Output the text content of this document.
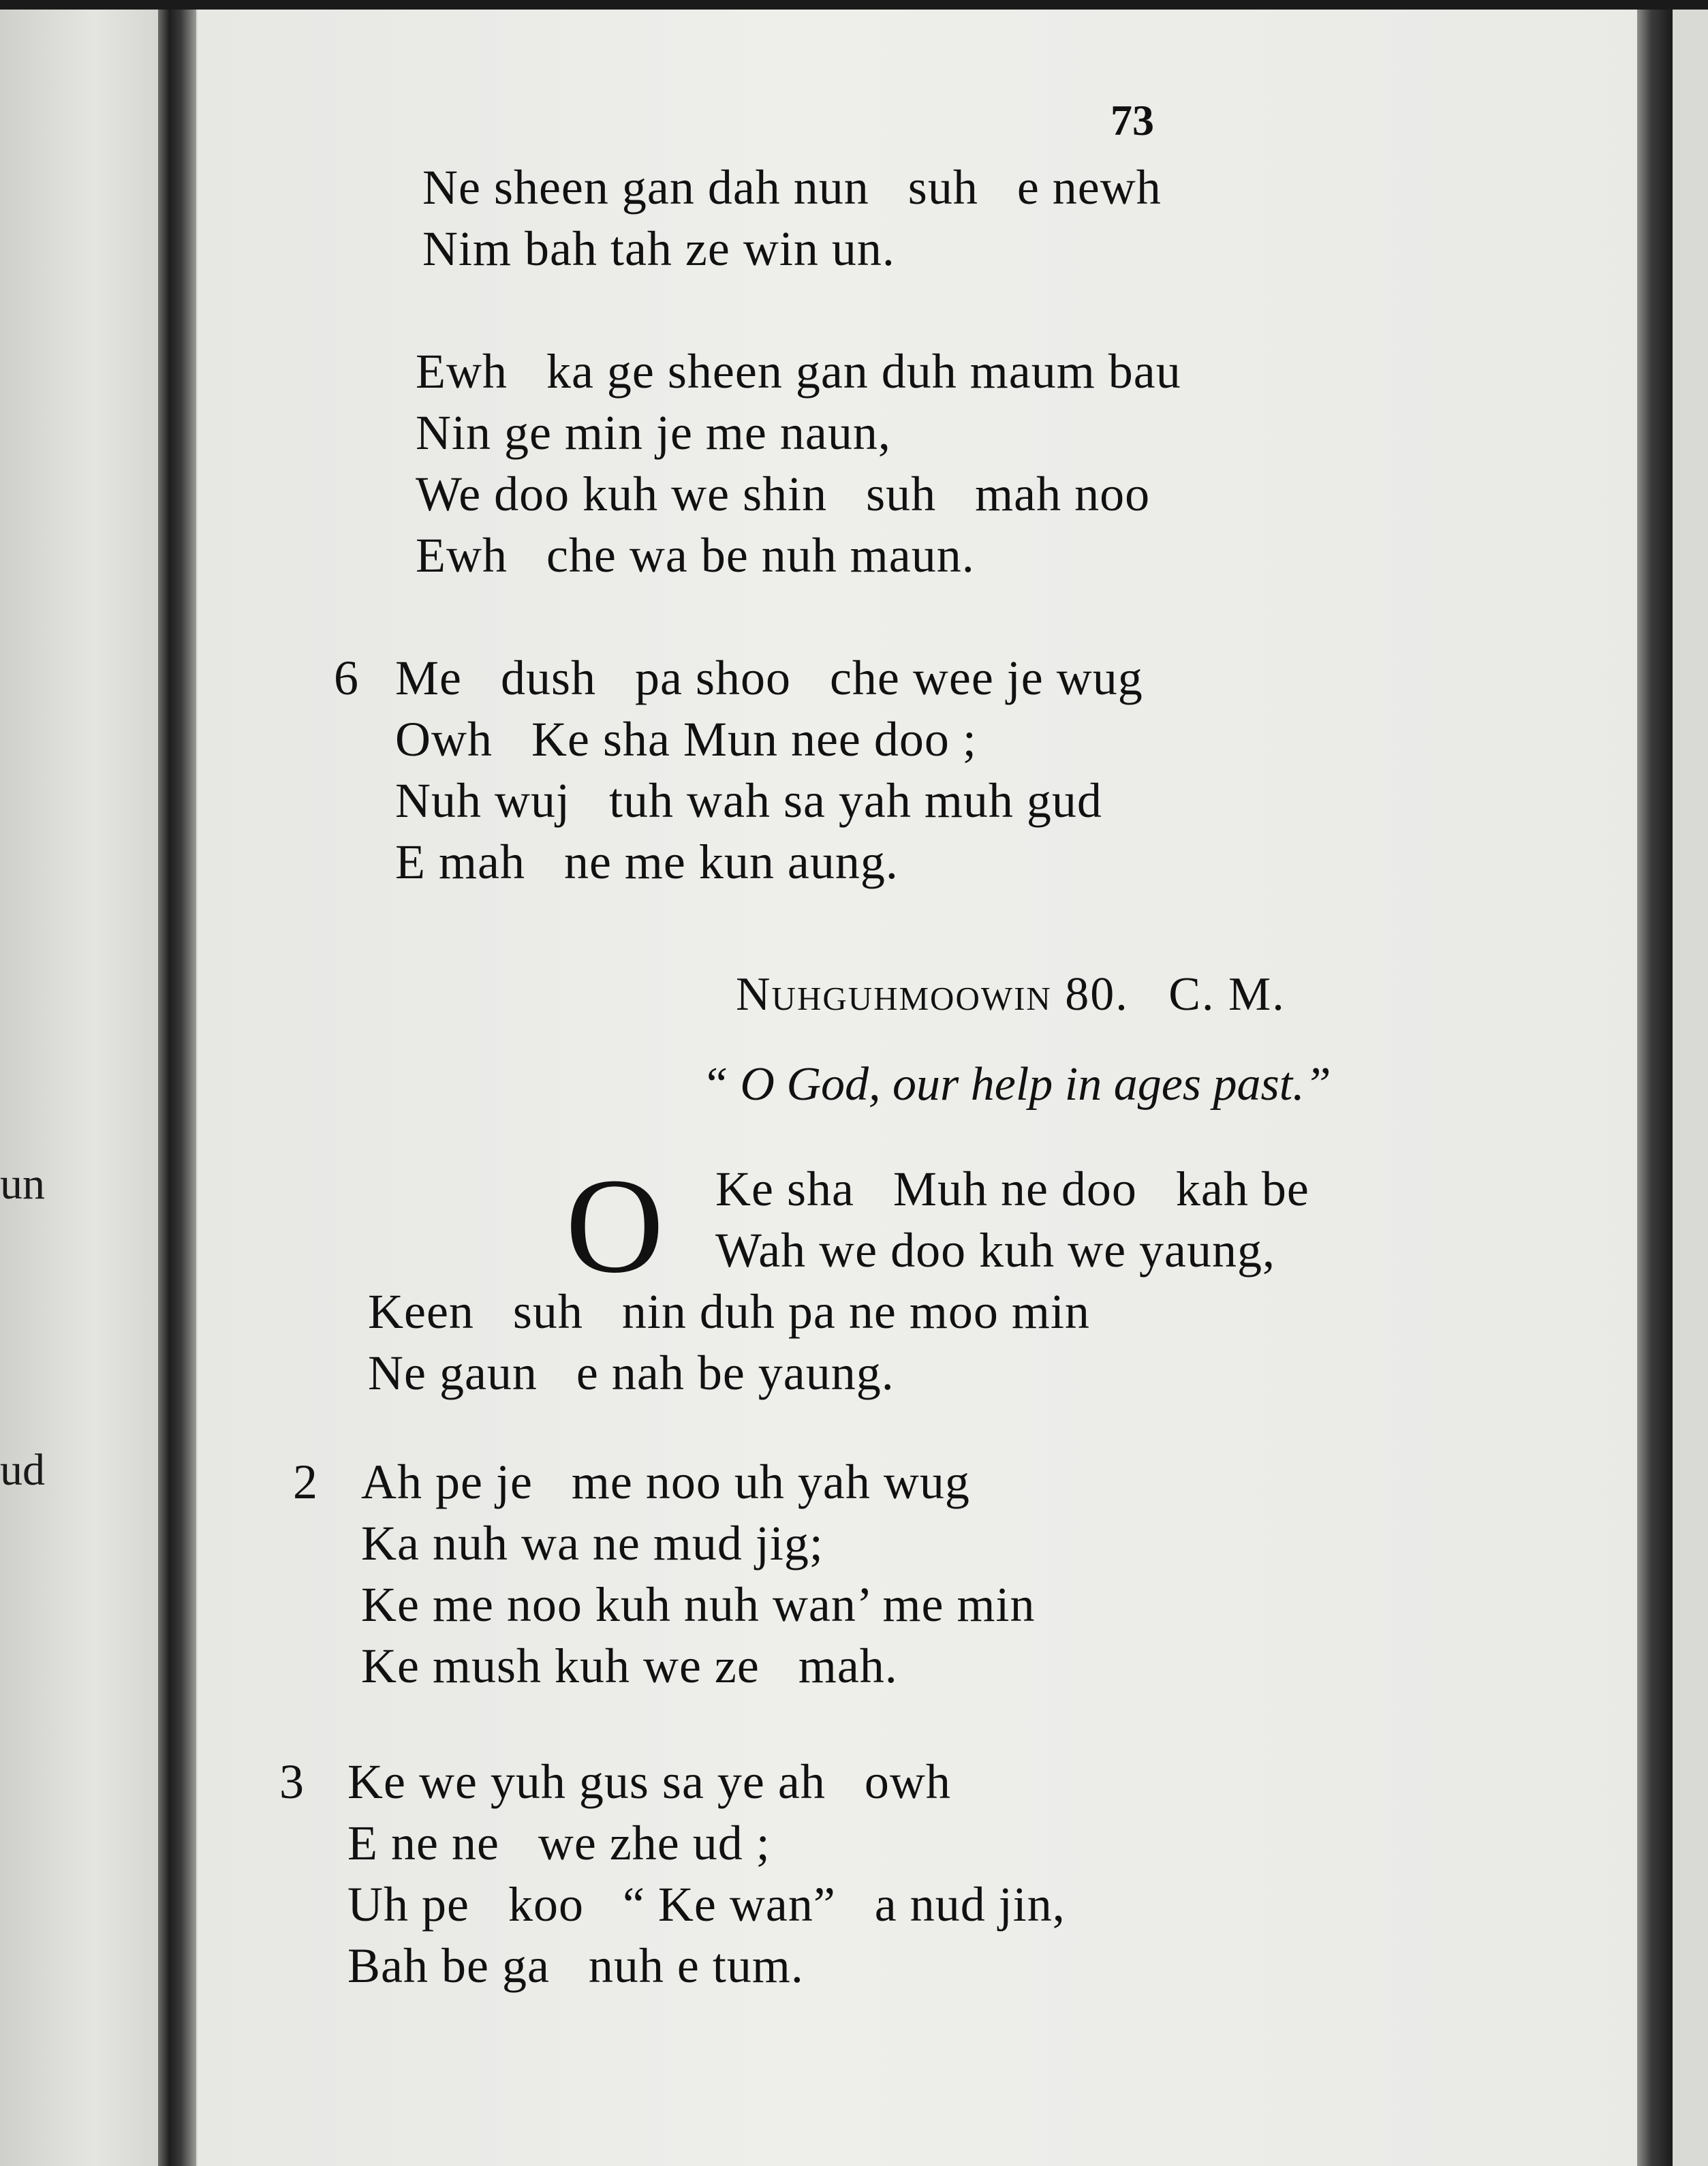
un
ud
73
Ne sheen gan dah nun   suh   e newh
Nim bah tah ze win un.
Ewh   ka ge sheen gan duh maum bau
Nin ge min je me naun,
We doo kuh we shin   suh   mah noo
Ewh   che wa be nuh maun.
6 Me   dush   pa shoo   che wee je wug
Owh   Ke sha Mun nee doo ;
Nuh wuj   tuh wah sa yah muh gud
E mah   ne me kun aung.
Nuhguhmoowin 80.   C. M.
“ O God, our help in ages past.”
O Ke sha   Muh ne doo   kah be
Wah we doo kuh we yaung,
Keen   suh   nin duh pa ne moo min
Ne gaun   e nah be yaung.
2 Ah pe je   me noo uh yah wug
Ka nuh wa ne mud jig;
Ke me noo kuh nuh wan’ me min
Ke mush kuh we ze   mah.
3 Ke we yuh gus sa ye ah   owh
E ne ne   we zhe ud ;
Uh pe   koo   “ Ke wan”   a nud jin,
Bah be ga   nuh e tum.
